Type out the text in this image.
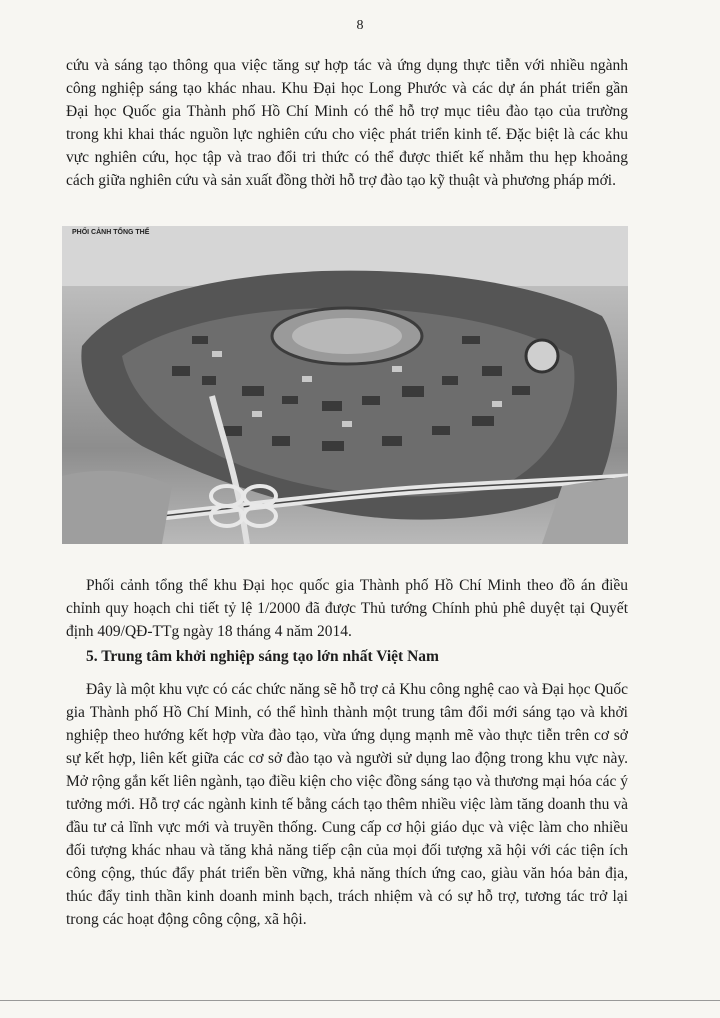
8

cứu và sáng tạo thông qua việc tăng sự hợp tác và ứng dụng thực tiễn với nhiều ngành công nghiệp sáng tạo khác nhau. Khu Đại học Long Phước và các dự án phát triển gần Đại học Quốc gia Thành phố Hồ Chí Minh có thể hỗ trợ mục tiêu đào tạo của trường trong khi khai thác nguồn lực nghiên cứu cho việc phát triển kinh tế. Đặc biệt là các khu vực nghiên cứu, học tập và trao đổi tri thức có thể được thiết kế nhằm thu hẹp khoảng cách giữa nghiên cứu và sản xuất đồng thời hỗ trợ đào tạo kỹ thuật và phương pháp mới.

PHỐI CẢNH TỔNG THỂ

Phối cảnh tổng thể khu Đại học quốc gia Thành phố Hồ Chí Minh theo đồ án điều chỉnh quy hoạch chi tiết tỷ lệ 1/2000 đã được Thủ tướng Chính phủ phê duyệt tại Quyết định 409/QĐ-TTg ngày 18 tháng 4 năm 2014.

5. Trung tâm khởi nghiệp sáng tạo lớn nhất Việt Nam

Đây là một khu vực có các chức năng sẽ hỗ trợ cả Khu công nghệ cao và Đại học Quốc gia Thành phố Hồ Chí Minh, có thể hình thành một trung tâm đổi mới sáng tạo và khởi nghiệp theo hướng kết hợp vừa đào tạo, vừa ứng dụng mạnh mẽ vào thực tiễn trên cơ sở sự kết hợp, liên kết giữa các cơ sở đào tạo và người sử dụng lao động trong khu vực này. Mở rộng gắn kết liên ngành, tạo điều kiện cho việc đồng sáng tạo và thương mại hóa các ý tưởng mới. Hỗ trợ các ngành kinh tế bằng cách tạo thêm nhiều việc làm tăng doanh thu và đầu tư cả lĩnh vực mới và truyền thống. Cung cấp cơ hội giáo dục và việc làm cho nhiều đối tượng khác nhau và tăng khả năng tiếp cận của mọi đối tượng xã hội với các tiện ích công cộng, thúc đẩy phát triển bền vững, khả năng thích ứng cao, giàu văn hóa bản địa, thúc đẩy tinh thần kinh doanh minh bạch, trách nhiệm và có sự hỗ trợ, tương tác trở lại trong các hoạt động công cộng, xã hội.
